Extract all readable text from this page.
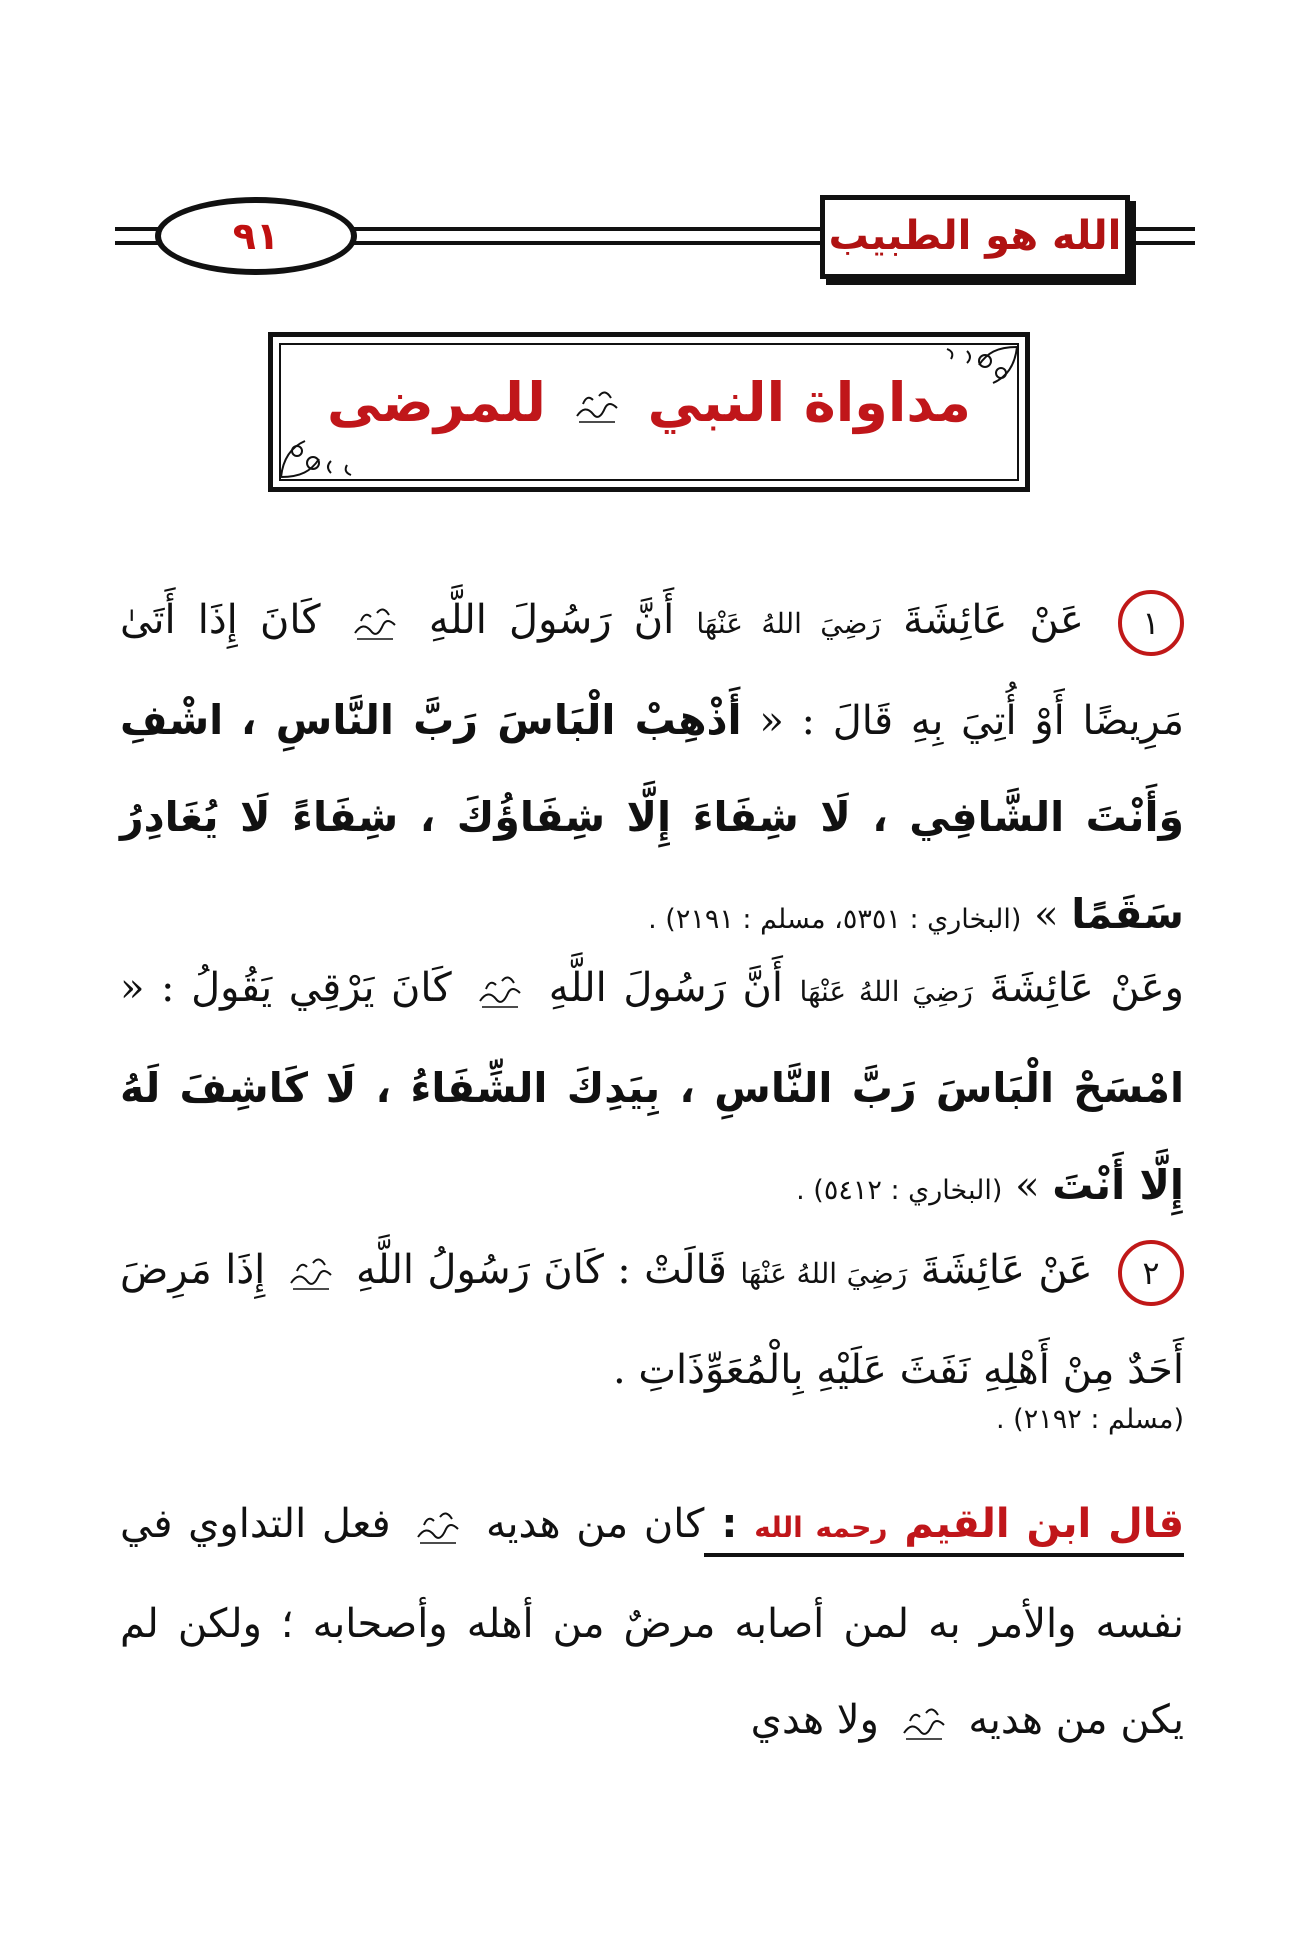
الله هو الطبيب
٩١
مداواة النبي  للمرضى
١ عَنْ عَائِشَةَ رَضِيَ اللهُ عَنْهَا أَنَّ رَسُولَ اللَّهِ  كَانَ إِذَا أَتَىٰ مَرِيضًا أَوْ أُتِيَ بِهِ قَالَ : « أَذْهِبْ الْبَاسَ رَبَّ النَّاسِ ، اشْفِ وَأَنْتَ الشَّافِي ، لَا شِفَاءَ إِلَّا شِفَاؤُكَ ، شِفَاءً لَا يُغَادِرُ سَقَمًا » (البخاري : ٥٣٥١، مسلم : ٢١٩١) .
وعَنْ عَائِشَةَ رَضِيَ اللهُ عَنْهَا أَنَّ رَسُولَ اللَّهِ  كَانَ يَرْقِي يَقُولُ : « امْسَحْ الْبَاسَ رَبَّ النَّاسِ ، بِيَدِكَ الشِّفَاءُ ، لَا كَاشِفَ لَهُ إِلَّا أَنْتَ » (البخاري : ٥٤١٢) .
٢ عَنْ عَائِشَةَ رَضِيَ اللهُ عَنْهَا قَالَتْ : كَانَ رَسُولُ اللَّهِ  إِذَا مَرِضَ أَحَدٌ مِنْ أَهْلِهِ نَفَثَ عَلَيْهِ بِالْمُعَوِّذَاتِ .
(مسلم : ٢١٩٢) .
قال ابن القيم رحمه الله : كان من هديه  فعل التداوي في نفسه والأمر به لمن أصابه مرضٌ من أهله وأصحابه ؛ ولكن لم يكن من هديه  ولا هدي
